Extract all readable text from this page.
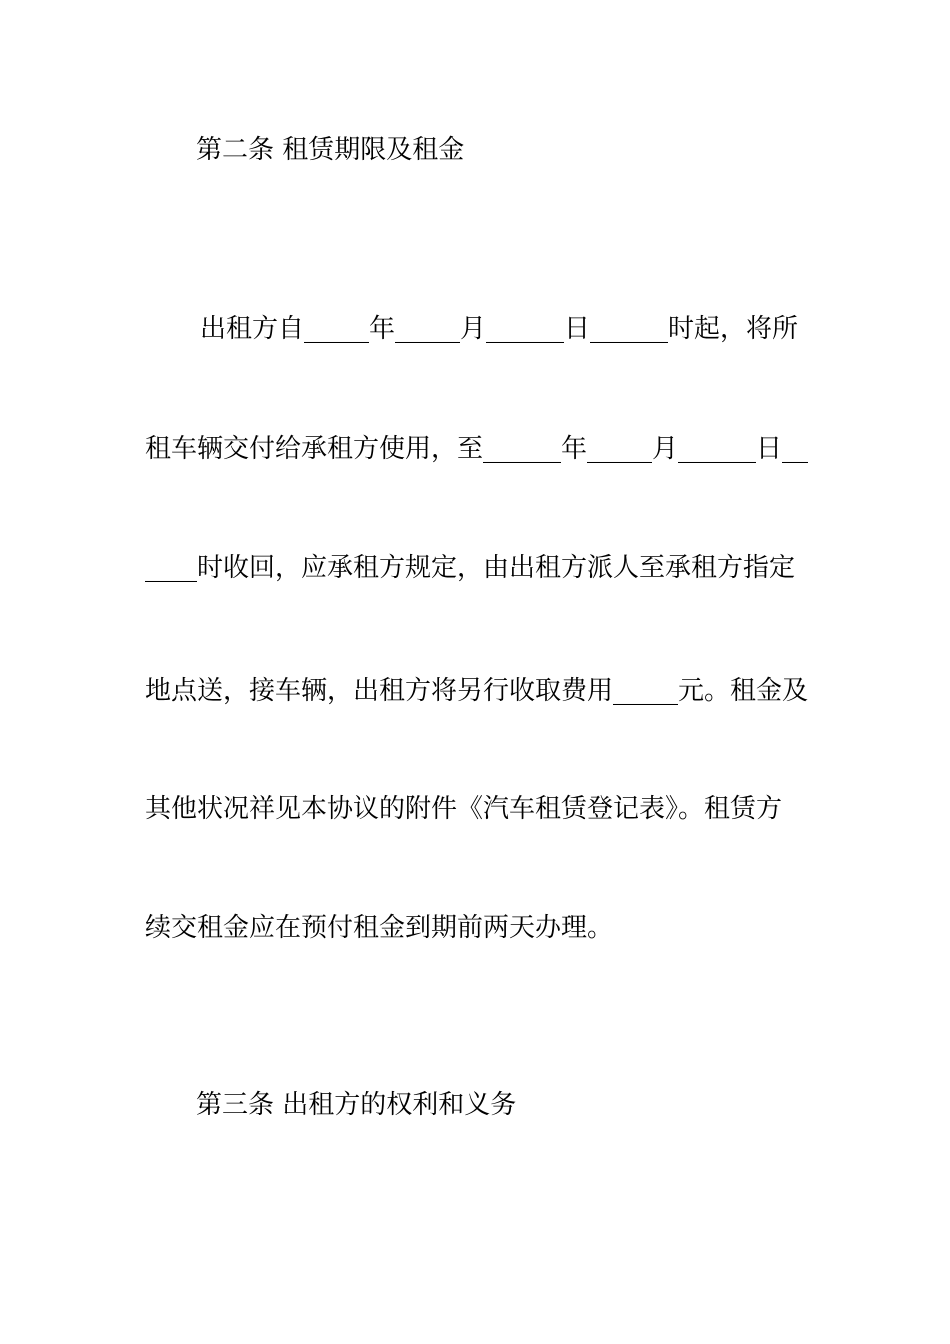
第二条 租赁期限及租金
出租方自_____年_____月______日______时起，将所
租车辆交付给承租方使用，至______年_____月______日__
____时收回，应承租方规定，由出租方派人至承租方指定
地点送，接车辆，出租方将另行收取费用_____元。租金及
其他状况祥见本协议的附件《汽车租赁登记表》。租赁方
续交租金应在预付租金到期前两天办理。
第三条 出租方的权利和义务
